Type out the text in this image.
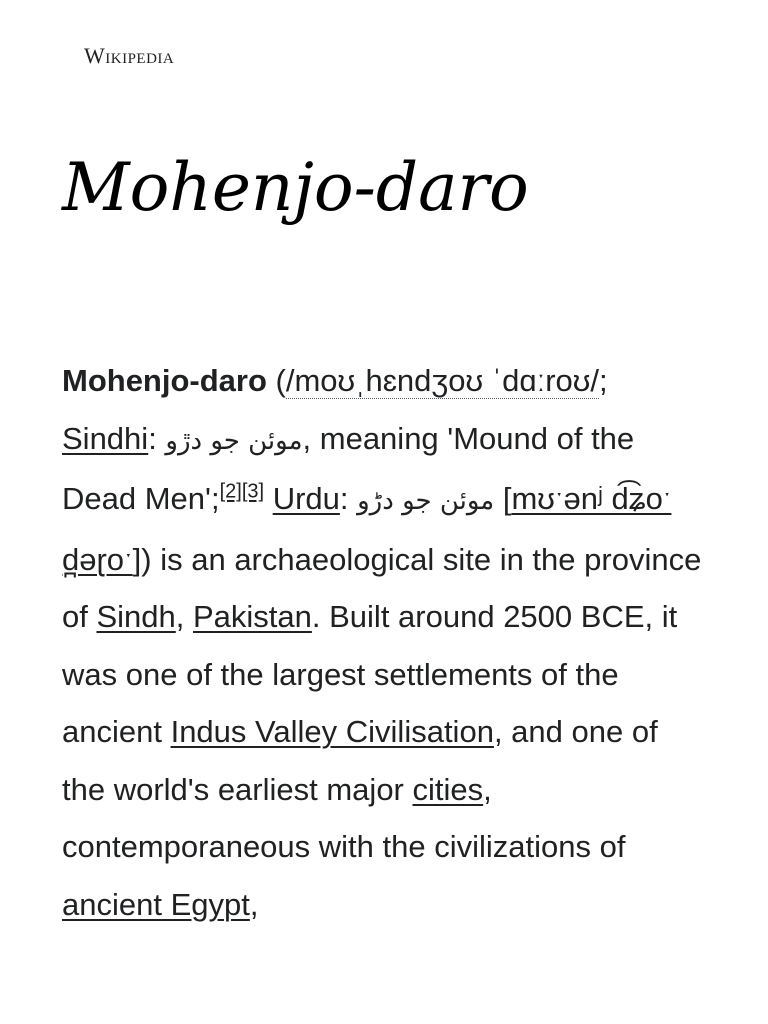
Wikipedia
Mohenjo-daro

Mohenjo-daro (/moʊˌhɛndʒoʊ ˈdɑːroʊ/; Sindhi: موئن جو دڙو, meaning 'Mound of the Dead Men';[2][3] Urdu: موئن جو دڑو [mʊˑənʲ d͡ʑoˑ d̪əɽoˑ]) is an archaeological site in the province of Sindh, Pakistan. Built around 2500 BCE, it was one of the largest settlements of the ancient Indus Valley Civilisation, and one of the world's earliest major cities, contemporaneous with the civilizations of ancient Egypt,
